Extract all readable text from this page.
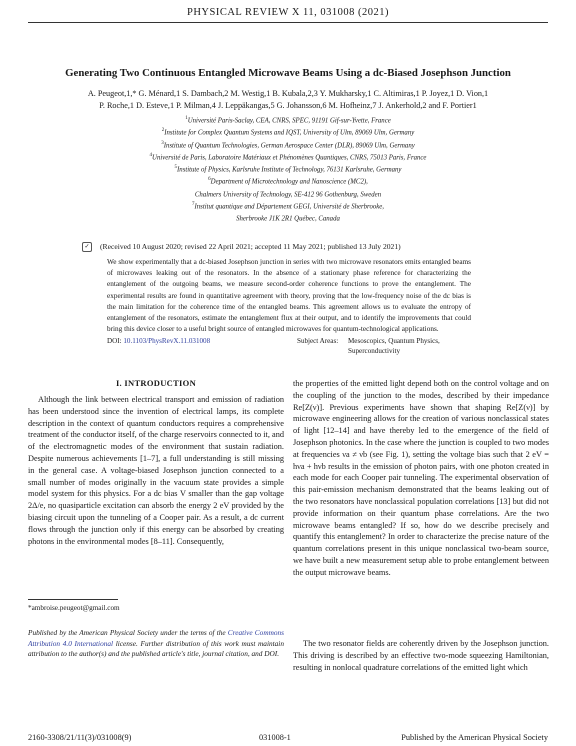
PHYSICAL REVIEW X 11, 031008 (2021)
Generating Two Continuous Entangled Microwave Beams Using a dc-Biased Josephson Junction
A. Peugeot,1,* G. Ménard,1 S. Dambach,2 M. Westig,1 B. Kubala,2,3 Y. Mukharsky,1 C. Altimiras,1 P. Joyez,1 D. Vion,1
P. Roche,1 D. Esteve,1 P. Milman,4 J. Leppäkangas,5 G. Johansson,6 M. Hofheinz,7 J. Ankerhold,2 and F. Portier1
$^1$Université Paris-Saclay, CEA, CNRS, SPEC, 91191 Gif-sur-Yvette, France
$^2$Institute for Complex Quantum Systems and IQST, University of Ulm, 89069 Ulm, Germany
$^3$Institute of Quantum Technologies, German Aerospace Center (DLR), 89069 Ulm, Germany
$^4$Université de Paris, Laboratoire Matériaux et Phénomènes Quantiques, CNRS, 75013 Paris, France
$^5$Institute of Physics, Karlsruhe Institute of Technology, 76131 Karlsruhe, Germany
$^6$Department of Microtechnology and Nanoscience (MC2),
Chalmers University of Technology, SE-412 96 Gothenburg, Sweden
$^7$Institut quantique and Département GEGI, Université de Sherbrooke,
Sherbrooke J1K 2R1 Québec, Canada
✓ (Received 10 August 2020; revised 22 April 2021; accepted 11 May 2021; published 13 July 2021)
We show experimentally that a dc-biased Josephson junction in series with two microwave resonators emits entangled beams of microwaves leaking out of the resonators. In the absence of a stationary phase reference for characterizing the entanglement of the outgoing beams, we measure second-order coherence functions to prove the entanglement. The experimental results are found in quantitative agreement with theory, proving that the low-frequency noise of the dc bias is the main limitation for the coherence time of the entangled beams. This agreement allows us to evaluate the entropy of entanglement of the resonators, estimate the entanglement flux at their output, and to identify the improvements that could bring this device closer to a useful bright source of entangled microwaves for quantum-technological applications.
DOI: 10.1103/PhysRevX.11.031008	Subject Areas: Mesoscopics, Quantum Physics, Superconductivity
I. INTRODUCTION
Although the link between electrical transport and emission of radiation has been understood since the invention of electrical lamps, its complete description in the context of quantum conductors requires a comprehensive treatment of the conductor itself, of the charge reservoirs connected to it, and of the electromagnetic modes of the environment that sustain radiation. Despite numerous achievements [1–7], a full understanding is still missing in the general case. A voltage-biased Josephson junction connected to a small number of modes originally in the vacuum state provides a simple model system for this physics. For a dc bias V smaller than the gap voltage 2Δ/e, no quasiparticle excitation can absorb the energy 2 eV provided by the biasing circuit upon the tunneling of a Cooper pair. As a result, a dc current flows through the junction only if this energy can be absorbed by creating photons in the environmental modes [8–11]. Consequently,
*ambroise.peugeot@gmail.com
Published by the American Physical Society under the terms of the Creative Commons Attribution 4.0 International license. Further distribution of this work must maintain attribution to the author(s) and the published article's title, journal citation, and DOI.
the properties of the emitted light depend both on the control voltage and on the coupling of the junction to the modes, described by their impedance Re[Z(ν)]. Previous experiments have shown that shaping Re[Z(ν)] by microwave engineering allows for the creation of various nonclassical states of light [12–14] and have thereby led to the emergence of the field of Josephson photonics. In the case where the junction is coupled to two modes at frequencies νa ≠ νb (see Fig. 1), setting the voltage bias such that 2 eV = hνa + hνb results in the emission of photon pairs, with one photon created in each mode for each Cooper pair tunneling. The experimental observation of this pair-emission mechanism demonstrated that the beams leaking out of the two resonators have nonclassical population correlations [13] but did not provide information on their quantum phase correlations. Are the two microwave beams entangled? If so, how do we describe precisely and quantify this entanglement? In order to characterize the precise nature of the quantum correlations present in this unique nonclassical two-beam source, we have built a new measurement setup able to probe entanglement between the output microwave beams.
The two resonator fields are coherently driven by the Josephson junction. This driving is described by an effective two-mode squeezing Hamiltonian, resulting in nonlocal quadrature correlations of the emitted light which
2160-3308/21/11(3)/031008(9)	031008-1	Published by the American Physical Society
